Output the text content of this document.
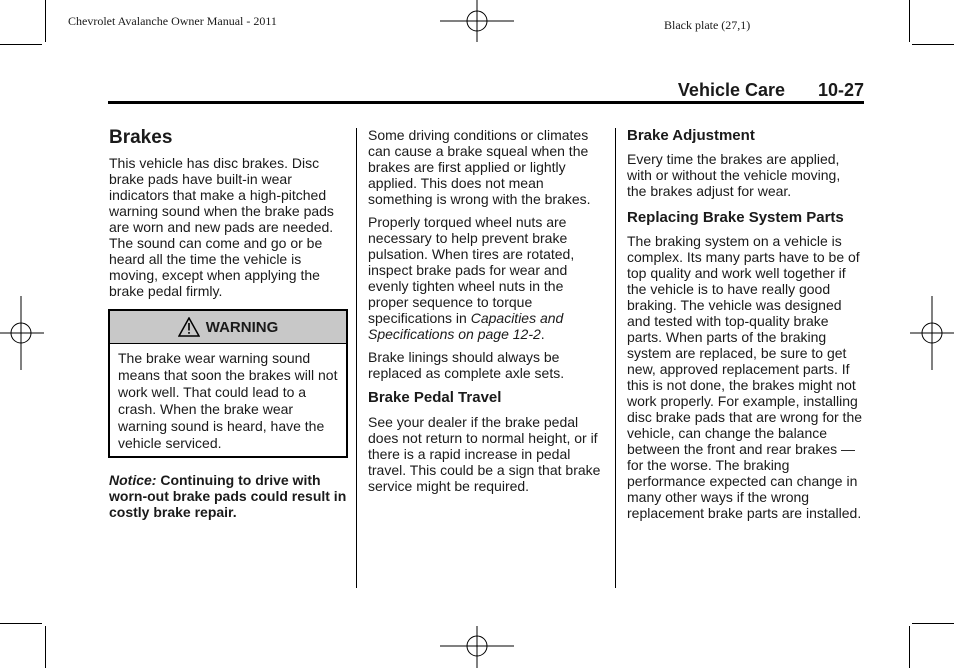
Chevrolet Avalanche Owner Manual - 2011	Black plate (27,1)
Vehicle Care 10-27
Brakes

This vehicle has disc brakes. Disc brake pads have built-in wear indicators that make a high-pitched warning sound when the brake pads are worn and new pads are needed. The sound can come and go or be heard all the time the vehicle is moving, except when applying the brake pedal firmly.

WARNING
The brake wear warning sound means that soon the brakes will not work well. That could lead to a crash. When the brake wear warning sound is heard, have the vehicle serviced.
Notice: Continuing to drive with worn-out brake pads could result in costly brake repair.

Some driving conditions or climates can cause a brake squeal when the brakes are first applied or lightly applied. This does not mean something is wrong with the brakes.

Properly torqued wheel nuts are necessary to help prevent brake pulsation. When tires are rotated, inspect brake pads for wear and evenly tighten wheel nuts in the proper sequence to torque specifications in Capacities and Specifications on page 12-2.

Brake linings should always be replaced as complete axle sets.

Brake Pedal Travel

See your dealer if the brake pedal does not return to normal height, or if there is a rapid increase in pedal travel. This could be a sign that brake service might be required.

Brake Adjustment

Every time the brakes are applied, with or without the vehicle moving, the brakes adjust for wear.

Replacing Brake System Parts

The braking system on a vehicle is complex. Its many parts have to be of top quality and work well together if the vehicle is to have really good braking. The vehicle was designed and tested with top-quality brake parts. When parts of the braking system are replaced, be sure to get new, approved replacement parts. If this is not done, the brakes might not work properly. For example, installing disc brake pads that are wrong for the vehicle, can change the balance between the front and rear brakes — for the worse. The braking performance expected can change in many other ways if the wrong replacement brake parts are installed.
